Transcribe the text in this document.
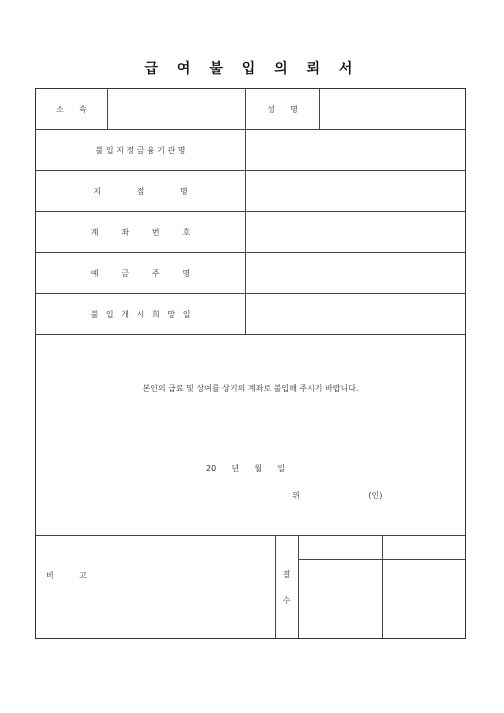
급 여 불 입 의 뢰 서
소      속	성      명
불 입 지 정 금 융 기 관 명
지              점              명
계         좌         번         호
예         금         주         명
불   입   개   시   희   망   일
본인의 급료 및 상여를 상기의 계좌로 불입해 주시기 바랍니다.
20      년      월      일
위                           (인)
비          고	결
수
